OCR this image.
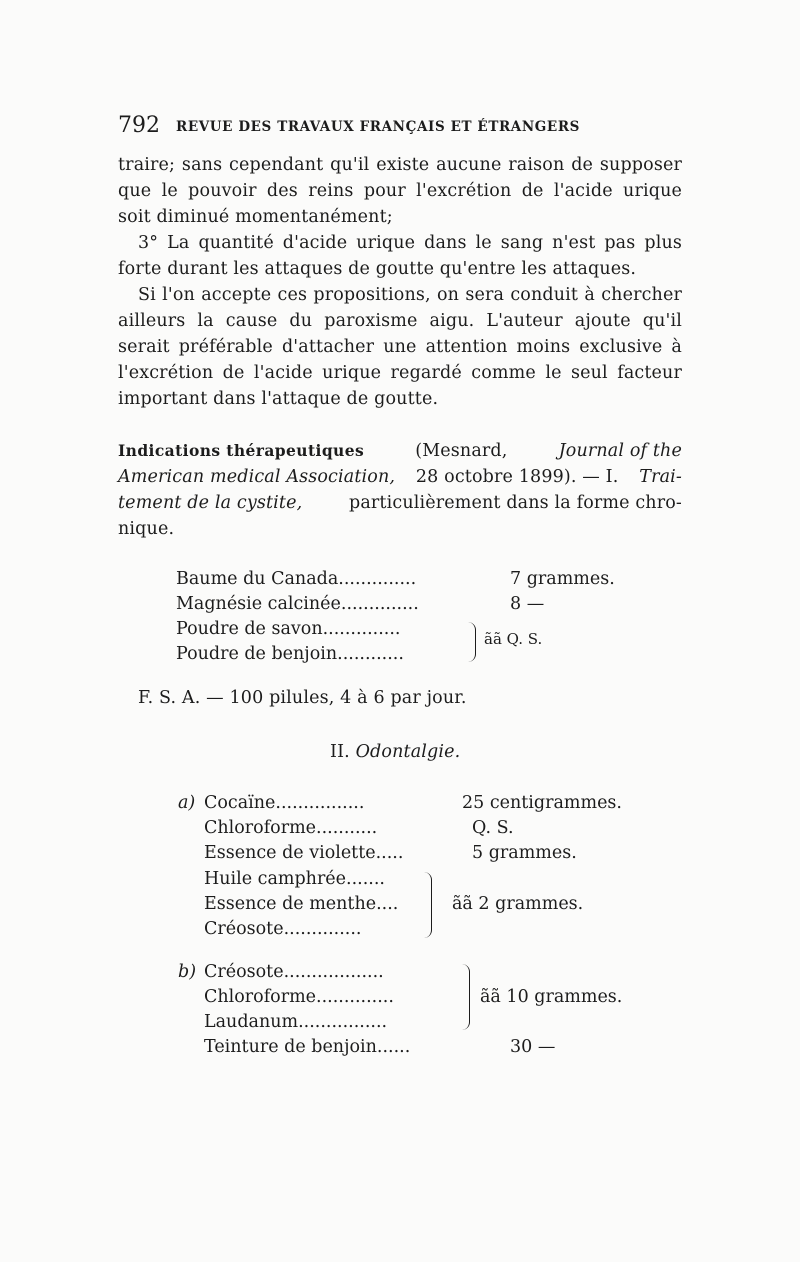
792 REVUE DES TRAVAUX FRANÇAIS ET ÉTRANGERS
traire; sans cependant qu'il existe aucune raison de supposer
que le pouvoir des reins pour l'excrétion de l'acide urique
soit diminué momentanément;
3° La quantité d'acide urique dans le sang n'est pas plus
forte durant les attaques de goutte qu'entre les attaques.
Si l'on accepte ces propositions, on sera conduit à chercher
ailleurs la cause du paroxisme aigu. L'auteur ajoute qu'il
serait préférable d'attacher une attention moins exclusive à
l'excrétion de l'acide urique regardé comme le seul facteur
important dans l'attaque de goutte.
Indications thérapeutiques	(Mesnard,	Journal of the
American medical Association, 28 octobre 1899). — I. Trai-
tement de la cystite,	particulièrement dans la forme chro-
nique.
Baume du Canada..............	7 grammes.
Magnésie calcinée..............	8 —
Poudre de savon..............
Poudre de benjoin............
ãã Q. S.
F. S. A. — 100 pilules, 4 à 6 par jour.
II. Odontalgie.
a) Cocaïne................	25 centigrammes.
Chloroforme...........	Q. S.
Essence de violette.....	5 grammes.
Huile camphrée.......
Essence de menthe....
Créosote..............
ãã 2 grammes.
b) Créosote..................
Chloroforme..............
Laudanum................
ãã 10 grammes.
Teinture de benjoin......	30 —
